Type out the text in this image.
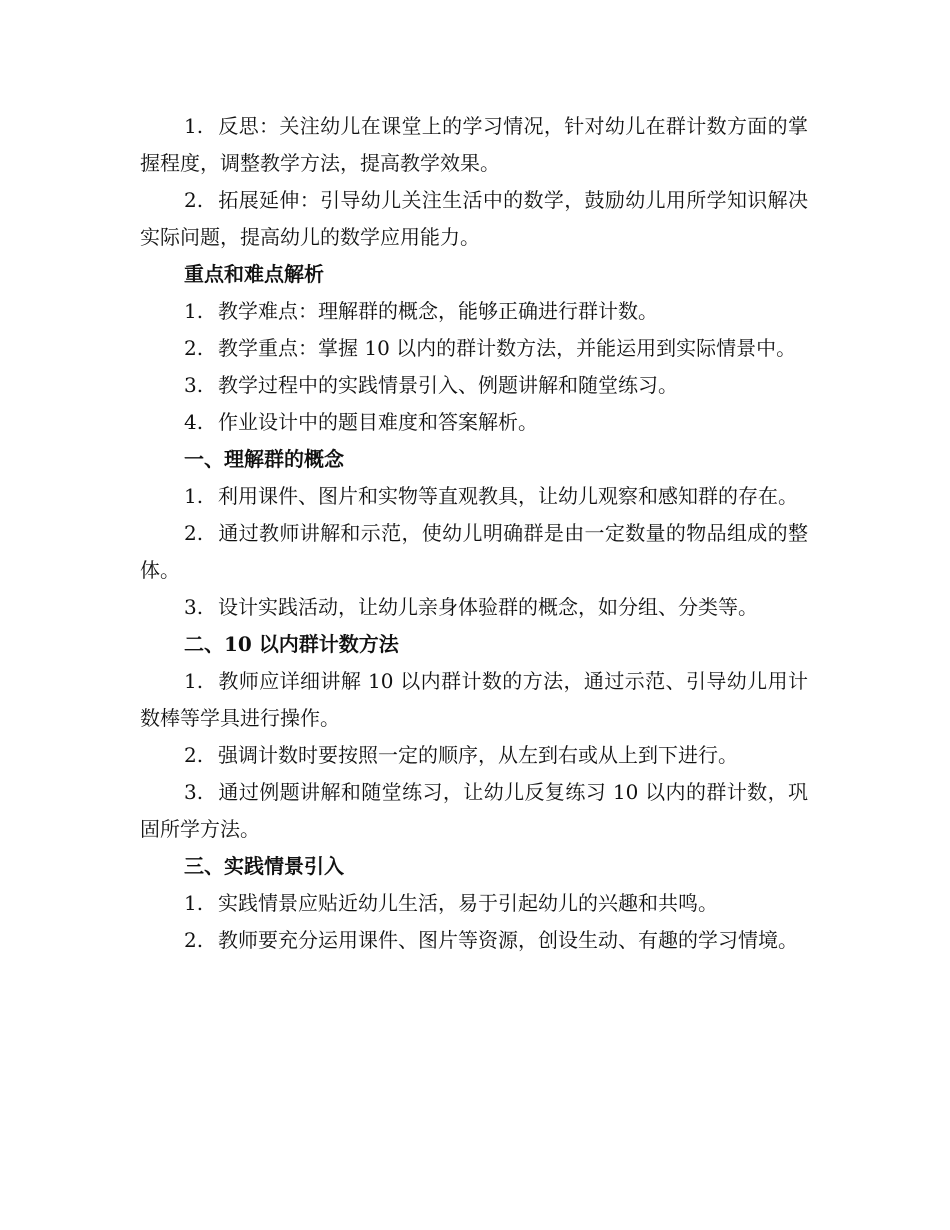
1. 反思：关注幼儿在课堂上的学习情况，针对幼儿在群计数方面的掌握程度，调整教学方法，提高教学效果。

2. 拓展延伸：引导幼儿关注生活中的数学，鼓励幼儿用所学知识解决实际问题，提高幼儿的数学应用能力。

重点和难点解析

1. 教学难点：理解群的概念，能够正确进行群计数。

2. 教学重点：掌握 10 以内的群计数方法，并能运用到实际情景中。

3. 教学过程中的实践情景引入、例题讲解和随堂练习。

4. 作业设计中的题目难度和答案解析。

一、理解群的概念

1. 利用课件、图片和实物等直观教具，让幼儿观察和感知群的存在。

2. 通过教师讲解和示范，使幼儿明确群是由一定数量的物品组成的整体。

3. 设计实践活动，让幼儿亲身体验群的概念，如分组、分类等。

二、10 以内群计数方法

1. 教师应详细讲解 10 以内群计数的方法，通过示范、引导幼儿用计数棒等学具进行操作。

2. 强调计数时要按照一定的顺序，从左到右或从上到下进行。

3. 通过例题讲解和随堂练习，让幼儿反复练习 10 以内的群计数，巩固所学方法。

三、实践情景引入

1. 实践情景应贴近幼儿生活，易于引起幼儿的兴趣和共鸣。

2. 教师要充分运用课件、图片等资源，创设生动、有趣的学习情境。
